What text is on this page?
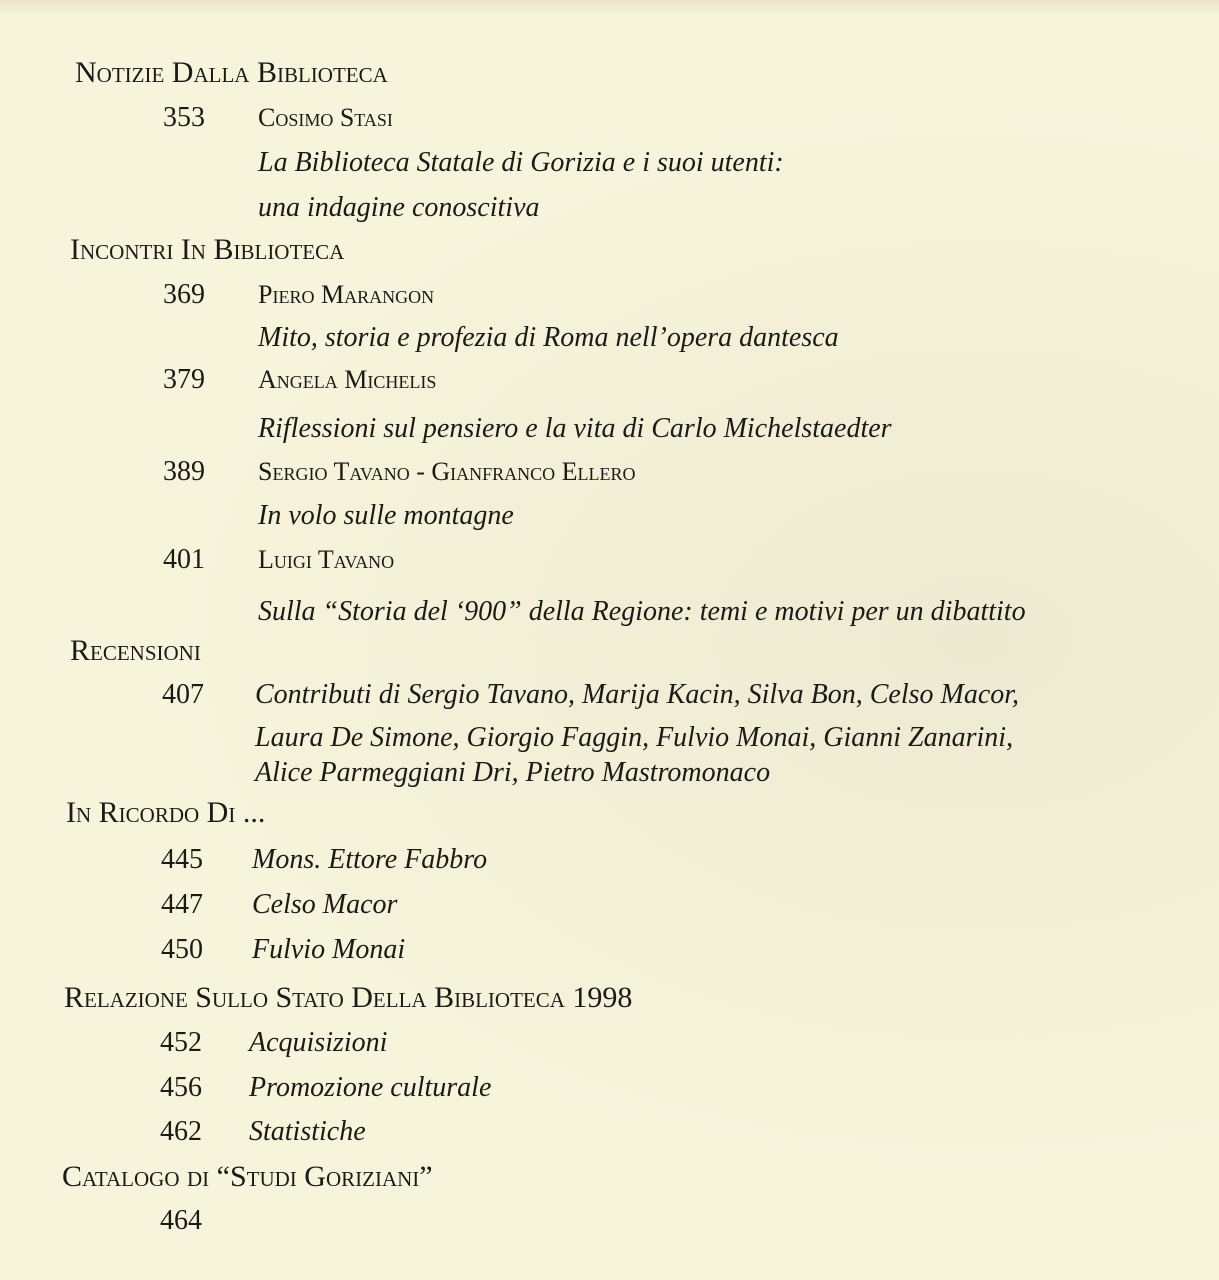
Notizie Dalla Biblioteca
353 Cosimo Stasi
La Biblioteca Statale di Gorizia e i suoi utenti:
una indagine conoscitiva
Incontri In Biblioteca
369 Piero Marangon
Mito, storia e profezia di Roma nell’opera dantesca
379 Angela Michelis
Riflessioni sul pensiero e la vita di Carlo Michelstaedter
389 Sergio Tavano - Gianfranco Ellero
In volo sulle montagne
401 Luigi Tavano
Sulla “Storia del ‘900” della Regione: temi e motivi per un dibattito
Recensioni
407 Contributi di Sergio Tavano, Marija Kacin, Silva Bon, Celso Macor,
Laura De Simone, Giorgio Faggin, Fulvio Monai, Gianni Zanarini,
Alice Parmeggiani Dri, Pietro Mastromonaco
In Ricordo Di ...
445 Mons. Ettore Fabbro
447 Celso Macor
450 Fulvio Monai
Relazione Sullo Stato Della Biblioteca 1998
452 Acquisizioni
456 Promozione culturale
462 Statistiche
Catalogo di “Studi Goriziani”
464
